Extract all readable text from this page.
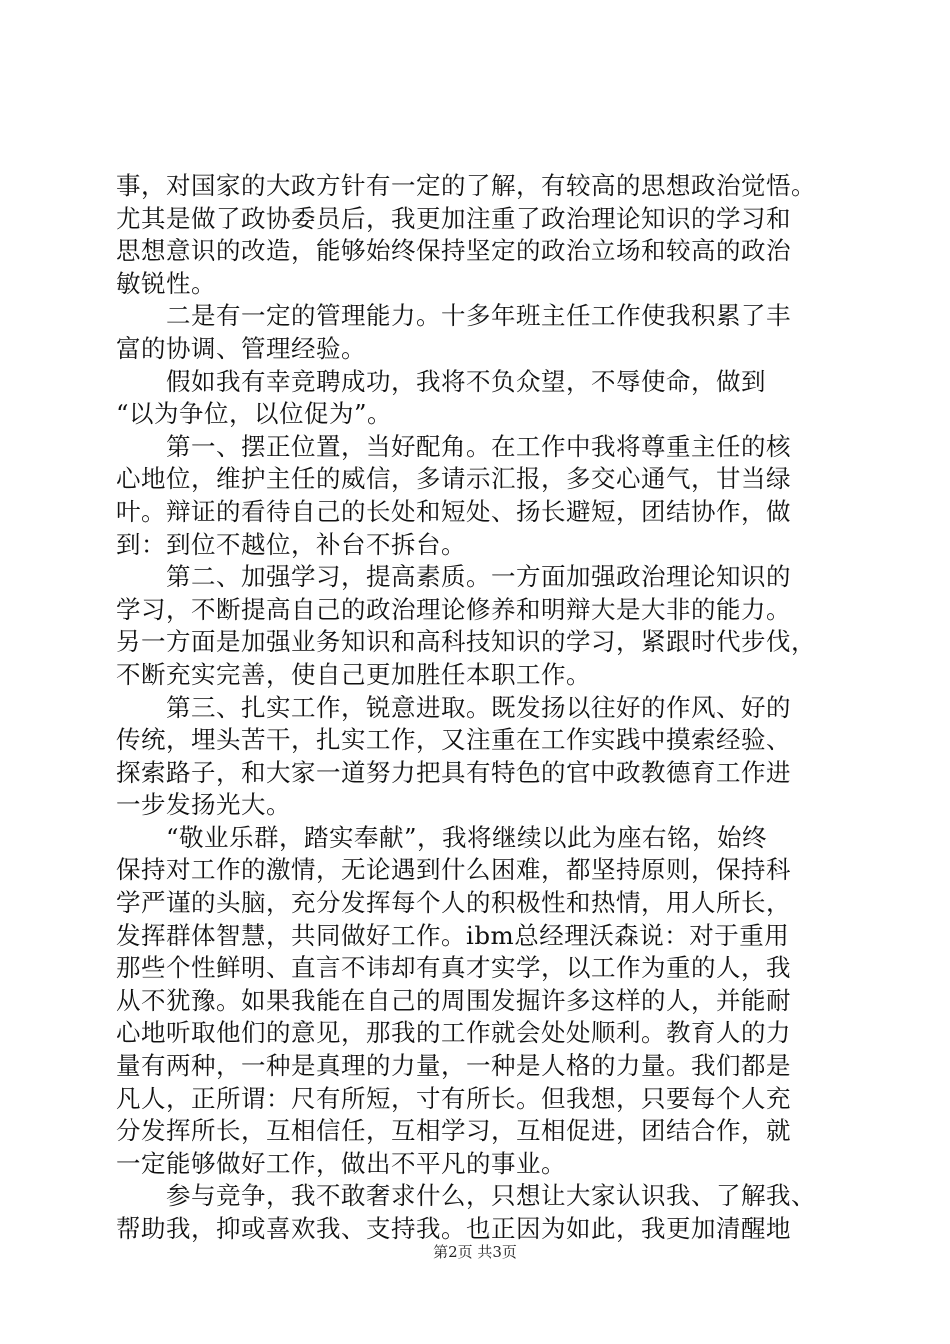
事，对国家的大政方针有一定的了解，有较高的思想政治觉悟。
尤其是做了政协委员后，我更加注重了政治理论知识的学习和
思想意识的改造，能够始终保持坚定的政治立场和较高的政治
敏锐性。
　　二是有一定的管理能力。十多年班主任工作使我积累了丰
富的协调、管理经验。
　　假如我有幸竞聘成功，我将不负众望，不辱使命，做到
“以为争位，以位促为”。
　　第一、摆正位置，当好配角。在工作中我将尊重主任的核
心地位，维护主任的威信，多请示汇报，多交心通气，甘当绿
叶。辩证的看待自己的长处和短处、扬长避短，团结协作，做
到：到位不越位，补台不拆台。
　　第二、加强学习，提高素质。一方面加强政治理论知识的
学习，不断提高自己的政治理论修养和明辩大是大非的能力。
另一方面是加强业务知识和高科技知识的学习，紧跟时代步伐，
不断充实完善，使自己更加胜任本职工作。
　　第三、扎实工作，锐意进取。既发扬以往好的作风、好的
传统，埋头苦干，扎实工作，又注重在工作实践中摸索经验、
探索路子，和大家一道努力把具有特色的官中政教德育工作进
一步发扬光大。
　　“敬业乐群，踏实奉献”，我将继续以此为座右铭，始终
保持对工作的激情，无论遇到什么困难，都坚持原则，保持科
学严谨的头脑，充分发挥每个人的积极性和热情，用人所长，
发挥群体智慧，共同做好工作。ibm总经理沃森说：对于重用
那些个性鲜明、直言不讳却有真才实学，以工作为重的人，我
从不犹豫。如果我能在自己的周围发掘许多这样的人，并能耐
心地听取他们的意见，那我的工作就会处处顺利。教育人的力
量有两种，一种是真理的力量，一种是人格的力量。我们都是
凡人，正所谓：尺有所短，寸有所长。但我想，只要每个人充
分发挥所长，互相信任，互相学习，互相促进，团结合作，就
一定能够做好工作，做出不平凡的事业。
　　参与竞争，我不敢奢求什么，只想让大家认识我、了解我、
帮助我，抑或喜欢我、支持我。也正因为如此，我更加清醒地
第2页 共3页
